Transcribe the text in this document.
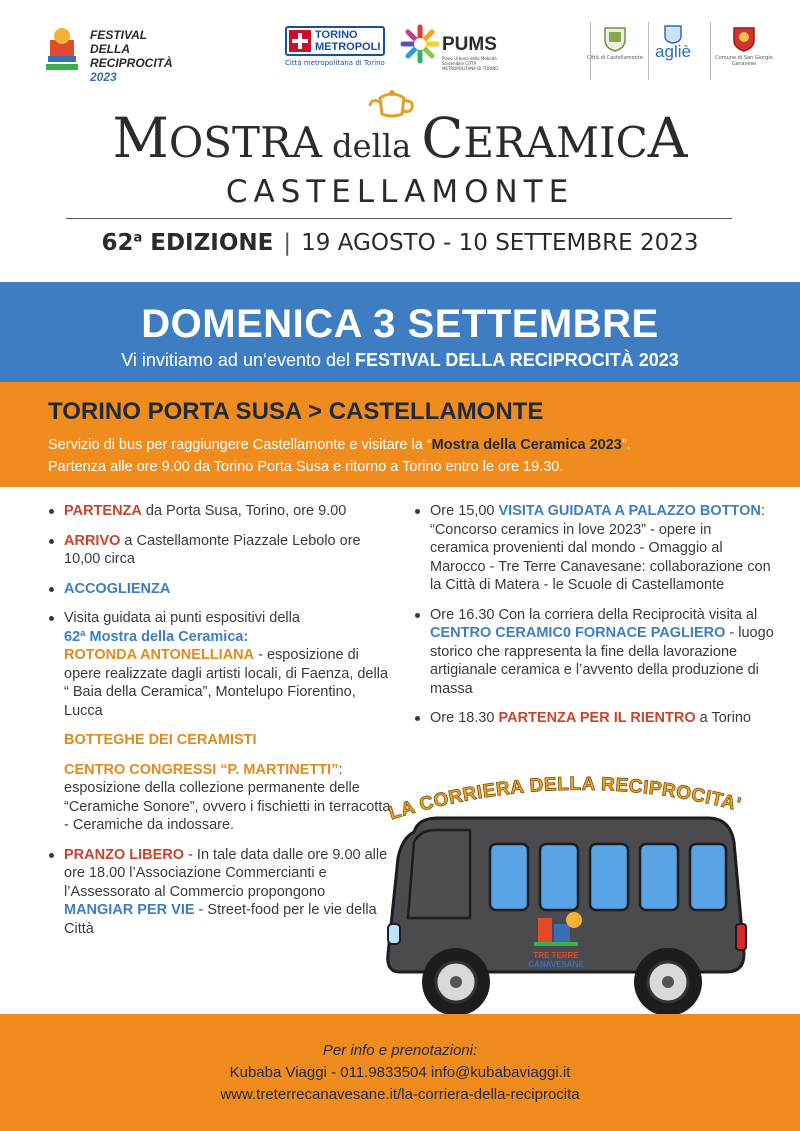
FESTIVAL DELLA
RECIPROCITÀ
2023
TORINO
METROPOLI
Città metropolitana di Torino
PUMS
Piano Urbano della Mobilità Sostenibile CITTÀ METROPOLITANA DI TORINO
Città di Castellamonte agliè	Comune di San Giorgio Canavese
MOSTRA della CERAMICA
CASTELLAMONTE
62$^a$ EDIZIONE | 19 AGOSTO - 10 SETTEMBRE 2023
DOMENICA 3 SETTEMBRE
Vi invitiamo ad un‘evento del FESTIVAL DELLA RECIPROCITÀ 2023
TORINO PORTA SUSA > CASTELLAMONTE
Servizio di bus per raggiungere Castellamonte e visitare la “Mostra della Ceramica 2023”.
Partenza alle ore 9.00 da Torino Porta Susa e ritorno a Torino entro le ore 19.30.
PARTENZA da Porta Susa, Torino, ore 9.00
ARRIVO a Castellamonte Piazzale Lebolo ore 10,00 circa
ACCOGLIENZA
Visita guidata ai punti espositivi della
62ª Mostra della Ceramica:
ROTONDA ANTONELLIANA - esposizione di opere realizzate dagli artisti locali, di Faenza, della “ Baia della Ceramica”, Montelupo Fiorentino, Lucca
BOTTEGHE DEI CERAMISTI
CENTRO CONGRESSI “P. MARTINETTI”: esposizione della collezione permanente delle “Ceramiche Sonore”, ovvero i fischietti in terracotta - Ceramiche da indossare.
PRANZO LIBERO - In tale data dalle ore 9.00 alle ore 18.00 l’Associazione Commercianti e l’Assessorato al Commercio propongono MANGIAR PER VIE - Street-food per le vie della Città
Ore 15,00 VISITA GUIDATA A PALAZZO BOTTON: “Concorso ceramics in love 2023” - opere in ceramica provenienti dal mondo - Omaggio al Marocco - Tre Terre Canavesane: collaborazione con la Città di Matera - le Scuole di Castellamonte
Ore 16.30 Con la corriera della Reciprocità visita al CENTRO CERAMIC0 FORNACE PAGLIERO - luogo storico che rappresenta la fine della lavorazione artigianale ceramica e l’avvento della produzione di massa
Ore 18.30 PARTENZA PER IL RIENTRO a Torino
LA CORRIERA DELLA RECIPROCITA'
TRE TERRE
CANAVESANE
Per info e prenotazioni:
Kubaba Viaggi - 011.9833504 info@kubabaviaggi.it
www.treterrecanavesane.it/la-corriera-della-reciprocita
